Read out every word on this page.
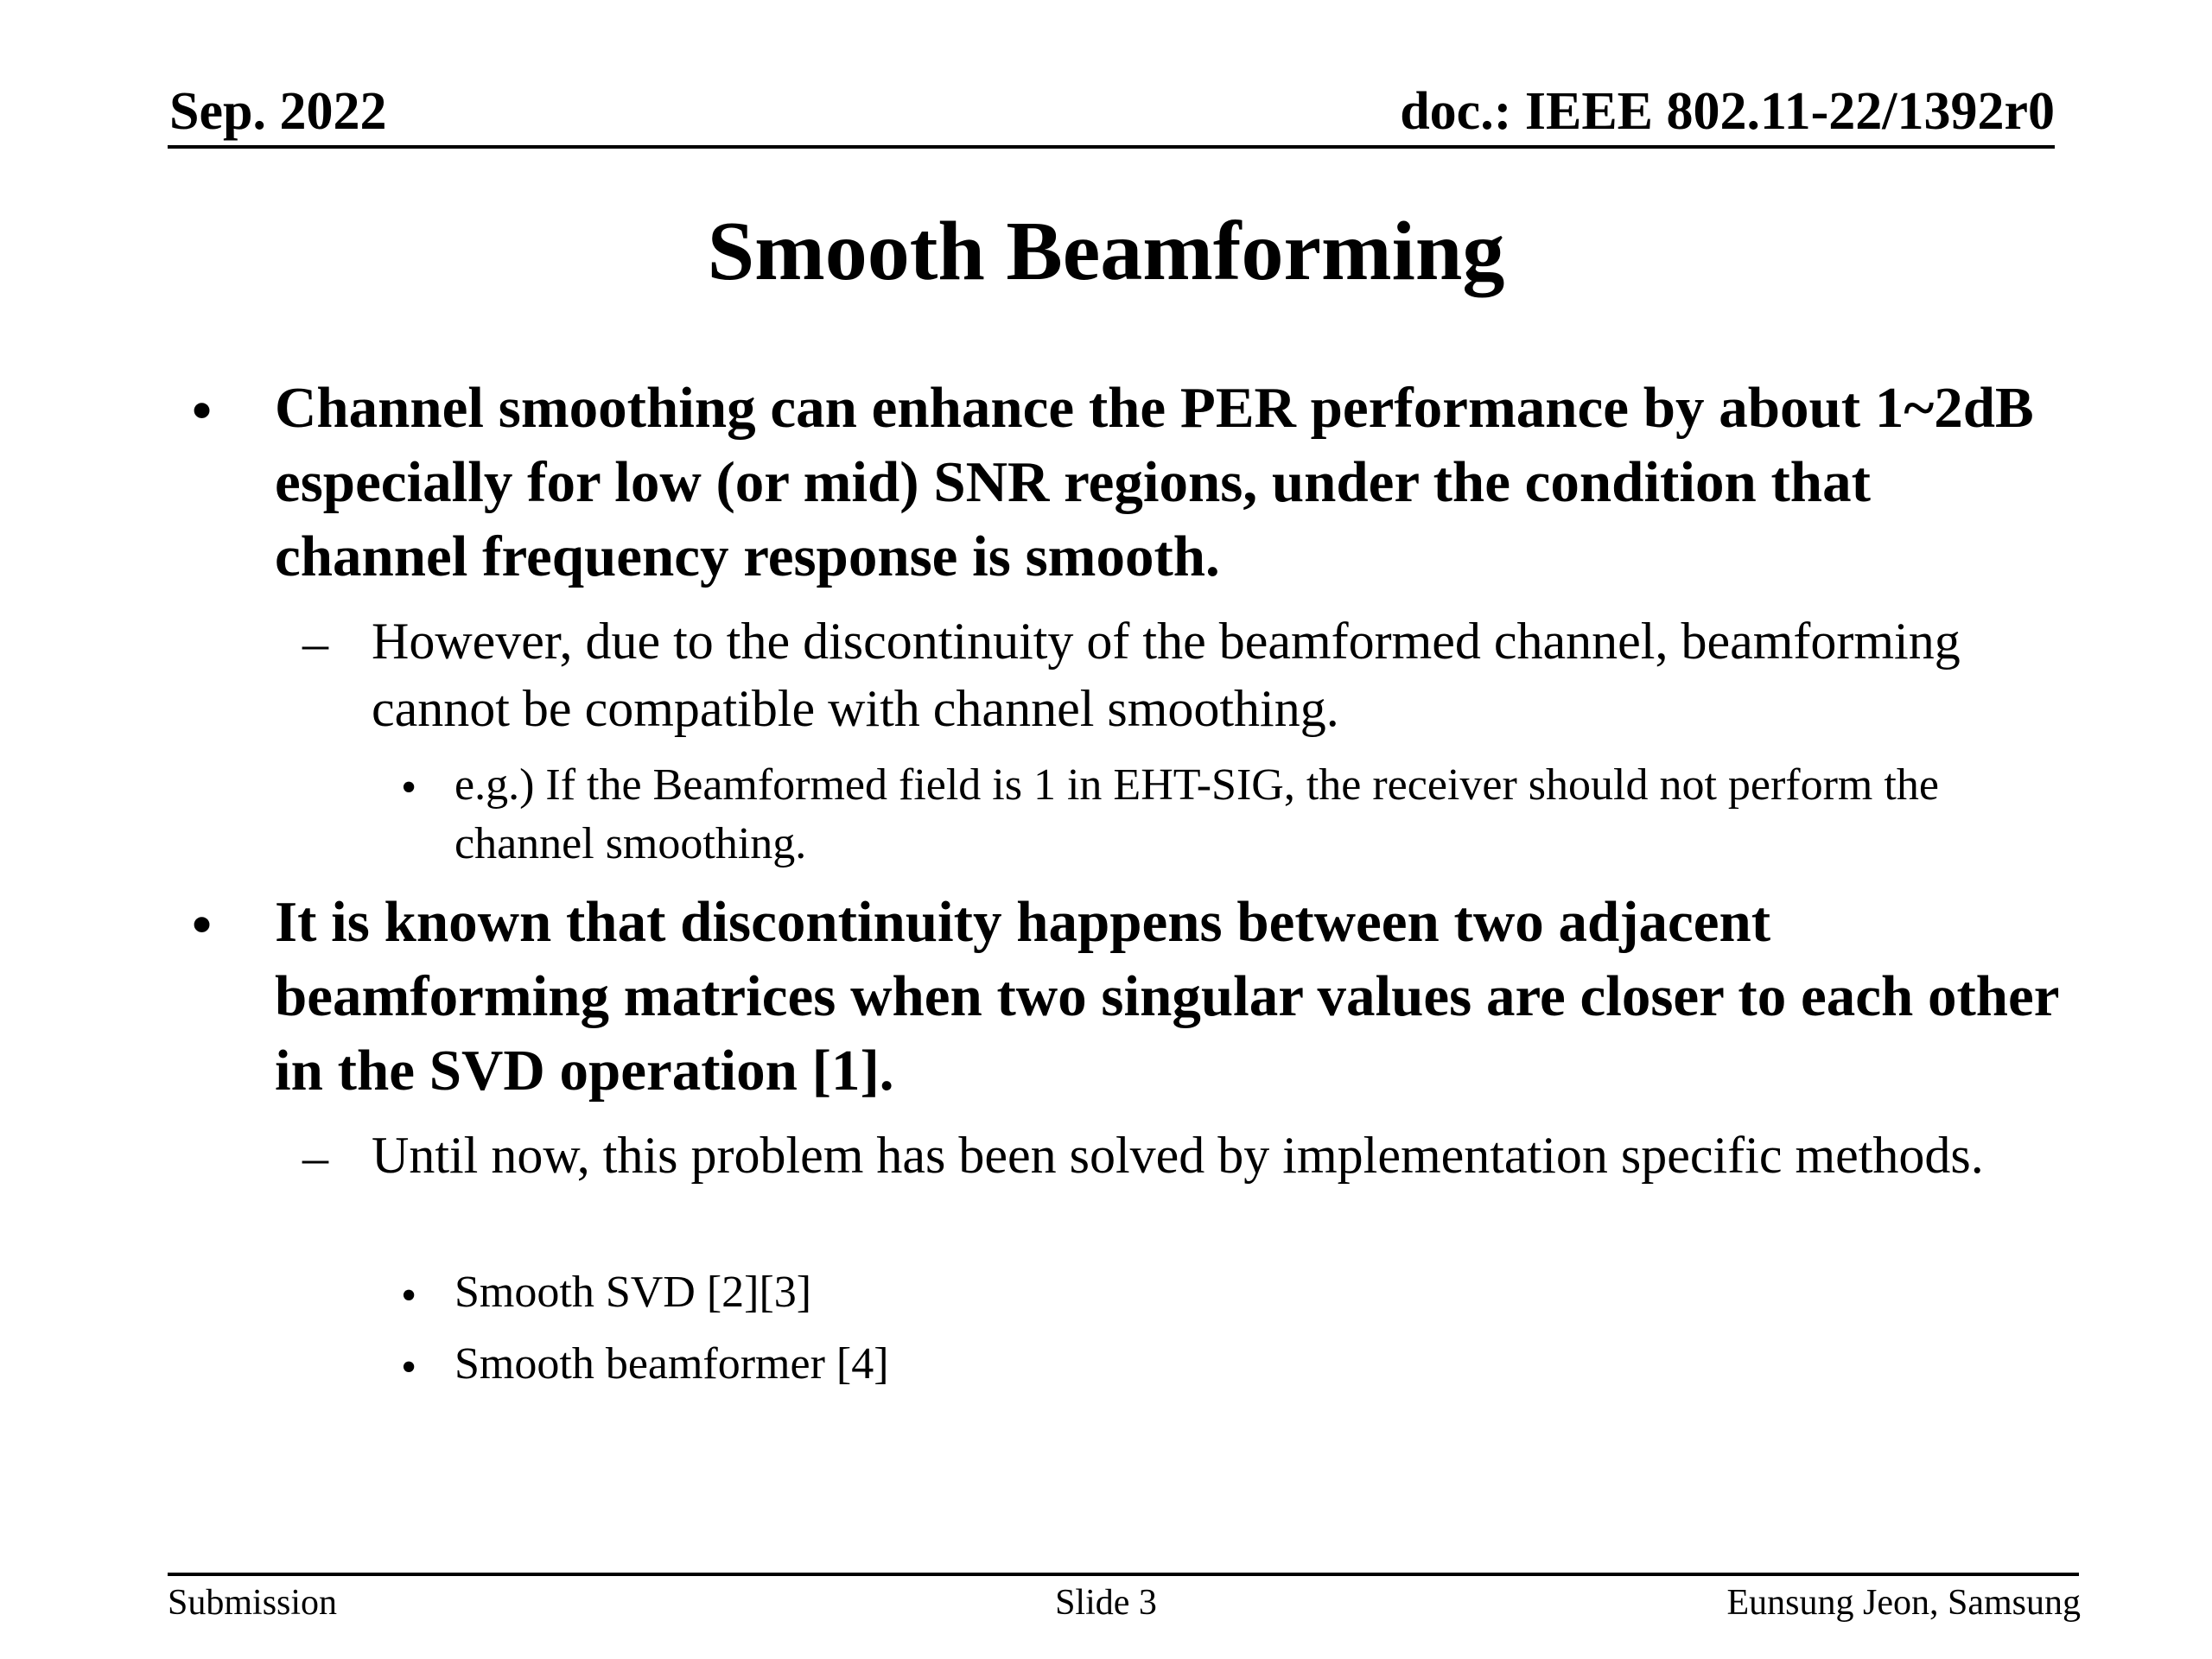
Sep. 2022	doc.: IEEE 802.11-22/1392r0
Smooth Beamforming
• Channel smoothing can enhance the PER performance by about 1~2dB especially for low (or mid) SNR regions, under the condition that channel frequency response is smooth.
– However, due to the discontinuity of the beamformed channel, beamforming cannot be compatible with channel smoothing.
• e.g.) If the Beamformed field is 1 in EHT-SIG, the receiver should not perform the channel smoothing.
• It is known that discontinuity happens between two adjacent beamforming matrices when two singular values are closer to each other in the SVD operation [1].
– Until now, this problem has been solved by implementation specific methods.
• Smooth SVD [2][3]
• Smooth beamformer [4]
Submission	Slide 3	Eunsung Jeon, Samsung
